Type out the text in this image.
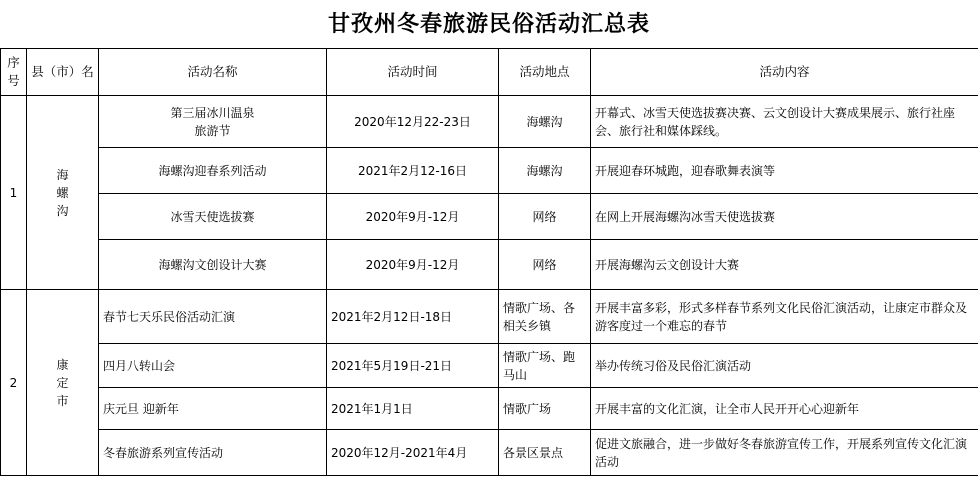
甘孜州冬春旅游民俗活动汇总表
序号	县（市）名	活动名称	活动时间	活动地点	活动内容
1	海螺沟	第三届冰川温泉旅游节	2020年12月22-23日	海螺沟	开幕式、冰雪天使选拔赛决赛、云文创设计大赛成果展示、旅行社座会、旅行社和媒体踩线。
		海螺沟迎春系列活动	2021年2月12-16日	海螺沟	开展迎春环城跑，迎春歌舞表演等
		冰雪天使选拔赛	2020年9月-12月	网络	在网上开展海螺沟冰雪天使选拔赛
		海螺沟文创设计大赛	2020年9月-12月	网络	开展海螺沟云文创设计大赛
2	康定市	春节七天乐民俗活动汇演	2021年2月12日-18日	情歌广场、各相关乡镇	开展丰富多彩，形式多样春节系列文化民俗汇演活动，让康定市群众及游客度过一个难忘的春节
		四月八转山会	2021年5月19日-21日	情歌广场、跑马山	举办传统习俗及民俗汇演活动
		庆元旦 迎新年	2021年1月1日	情歌广场	开展丰富的文化汇演，让全市人民开开心心迎新年
		冬春旅游系列宣传活动	2020年12月-2021年4月	各景区景点	促进文旅融合，进一步做好冬春旅游宣传工作，开展系列宣传文化汇演活动
